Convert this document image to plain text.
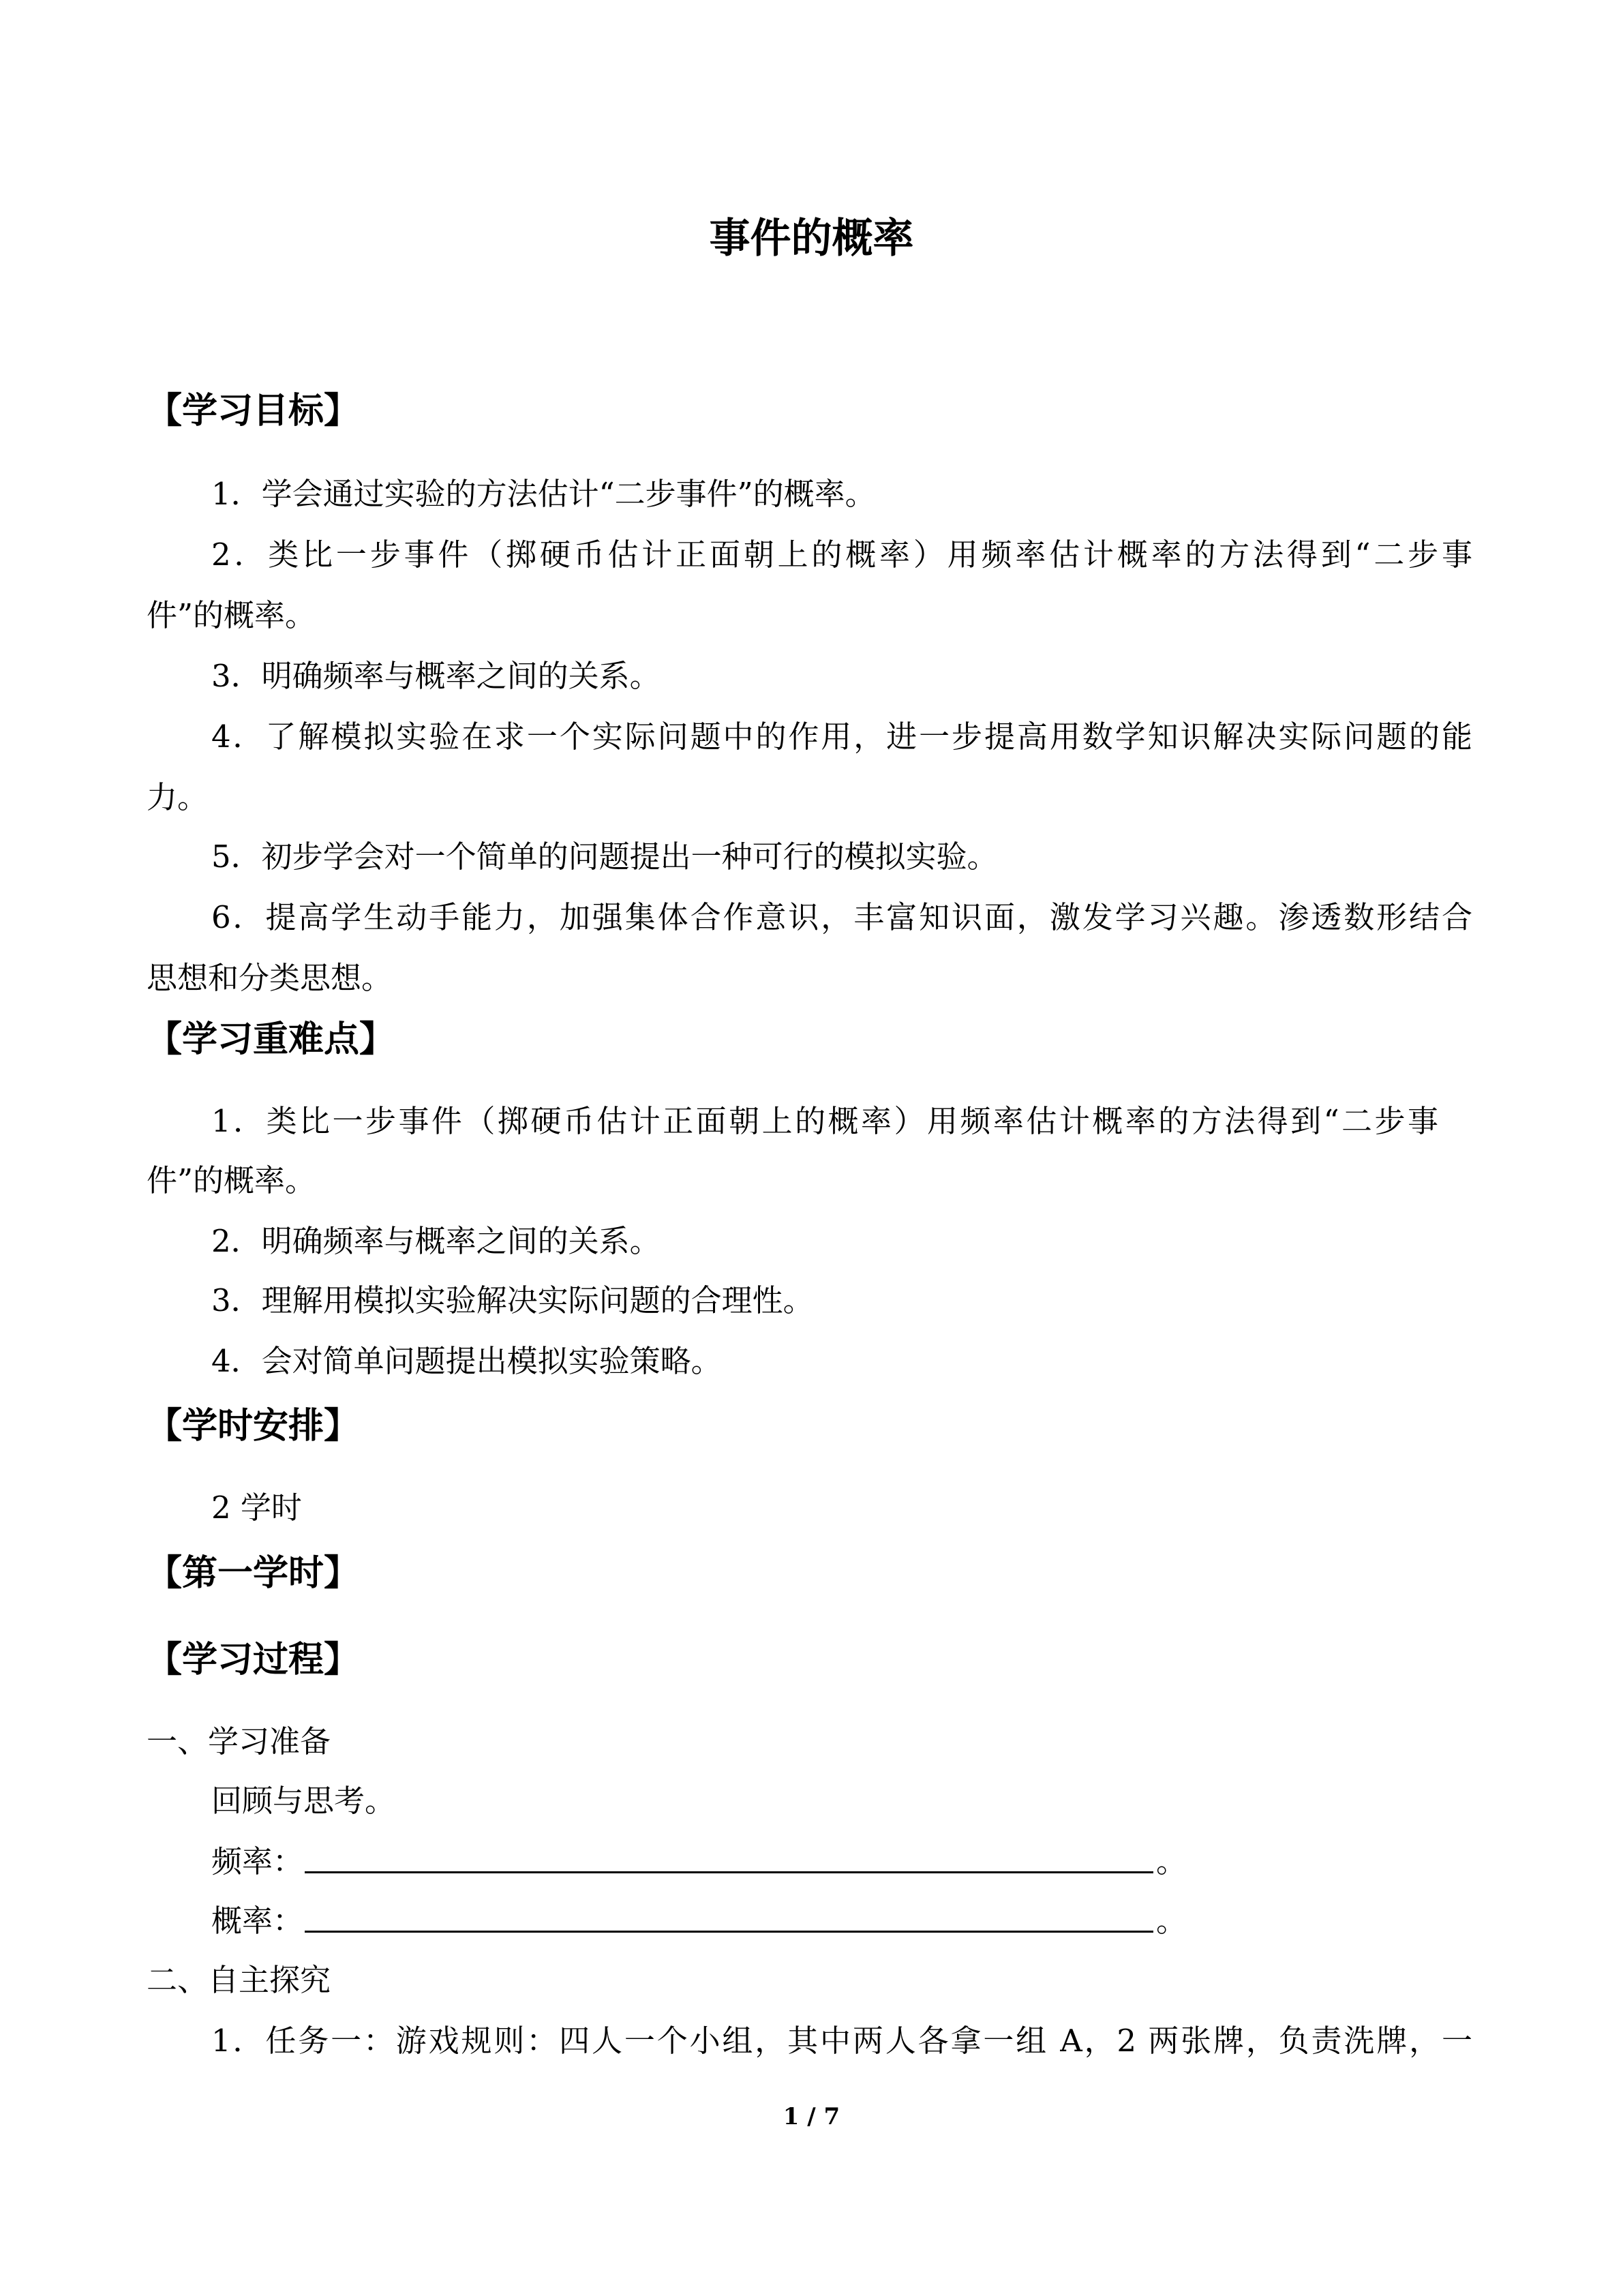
事件的概率
【学习目标】
1．学会通过实验的方法估计“二步事件”的概率。
2．类比一步事件（掷硬币估计正面朝上的概率）用频率估计概率的方法得到“二步事
件”的概率。
3．明确频率与概率之间的关系。
4．了解模拟实验在求一个实际问题中的作用，进一步提高用数学知识解决实际问题的能
力。
5．初步学会对一个简单的问题提出一种可行的模拟实验。
6．提高学生动手能力，加强集体合作意识，丰富知识面，激发学习兴趣。渗透数形结合
思想和分类思想。
【学习重难点】
1．类比一步事件（掷硬币估计正面朝上的概率）用频率估计概率的方法得到“二步事
件”的概率。
2．明确频率与概率之间的关系。
3．理解用模拟实验解决实际问题的合理性。
4．会对简单问题提出模拟实验策略。
【学时安排】
2 学时
【第一学时】
【学习过程】
一、学习准备
回顾与思考。
频率：	。
概率：	。
二、自主探究
1．任务一：游戏规则：四人一个小组，其中两人各拿一组 A，2 两张牌，负责洗牌，一
1 / 7
